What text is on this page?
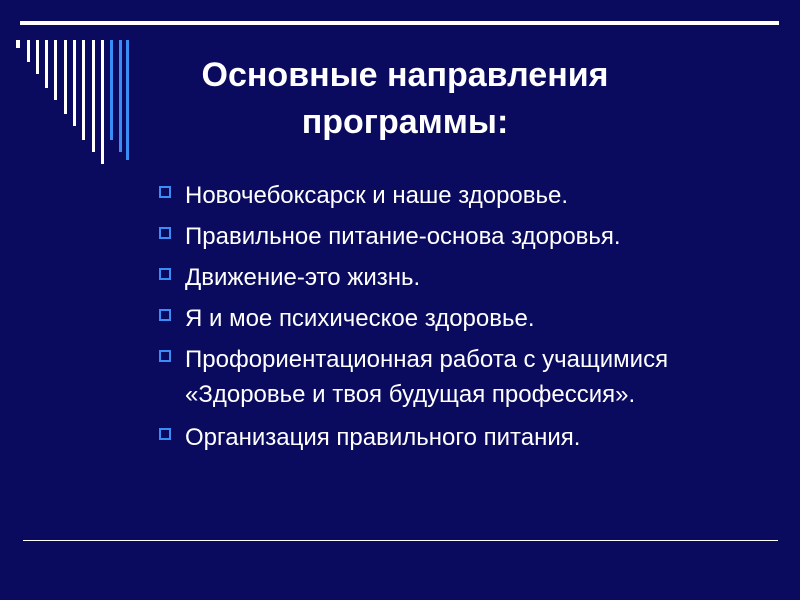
Основные направления
программы:
Новочебоксарск и наше здоровье.
Правильное питание-основа здоровья.
Движение-это жизнь.
Я и мое психическое здоровье.
Профориентационная работа с учащимися «Здоровье и твоя будущая профессия».
Организация правильного питания.
